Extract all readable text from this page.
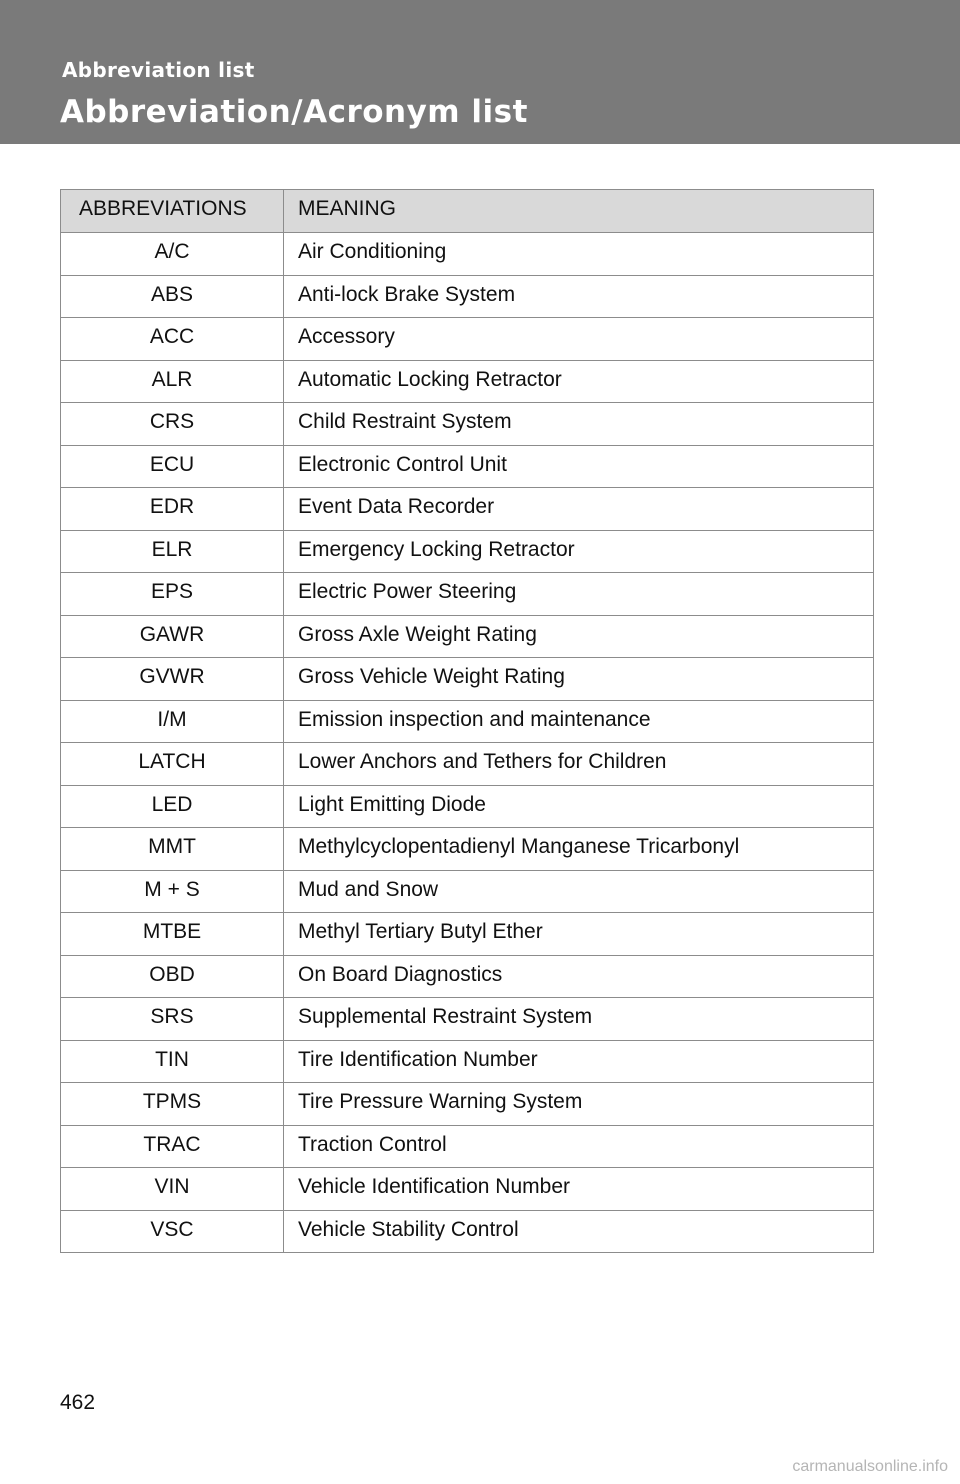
Abbreviation list
Abbreviation/Acronym list
ABBREVIATIONS	MEANING

A/C	Air Conditioning

ABS	Anti-lock Brake System

ACC	Accessory

ALR	Automatic Locking Retractor

CRS	Child Restraint System

ECU	Electronic Control Unit

EDR	Event Data Recorder

ELR	Emergency Locking Retractor

EPS	Electric Power Steering

GAWR	Gross Axle Weight Rating

GVWR	Gross Vehicle Weight Rating

I/M	Emission inspection and maintenance

LATCH	Lower Anchors and Tethers for Children

LED	Light Emitting Diode

MMT	Methylcyclopentadienyl Manganese Tricarbonyl

M + S	Mud and Snow

MTBE	Methyl Tertiary Butyl Ether

OBD	On Board Diagnostics

SRS	Supplemental Restraint System

TIN	Tire Identification Number

TPMS	Tire Pressure Warning System

TRAC	Traction Control

VIN	Vehicle Identification Number

VSC	Vehicle Stability Control
462
carmanualsonline.info
